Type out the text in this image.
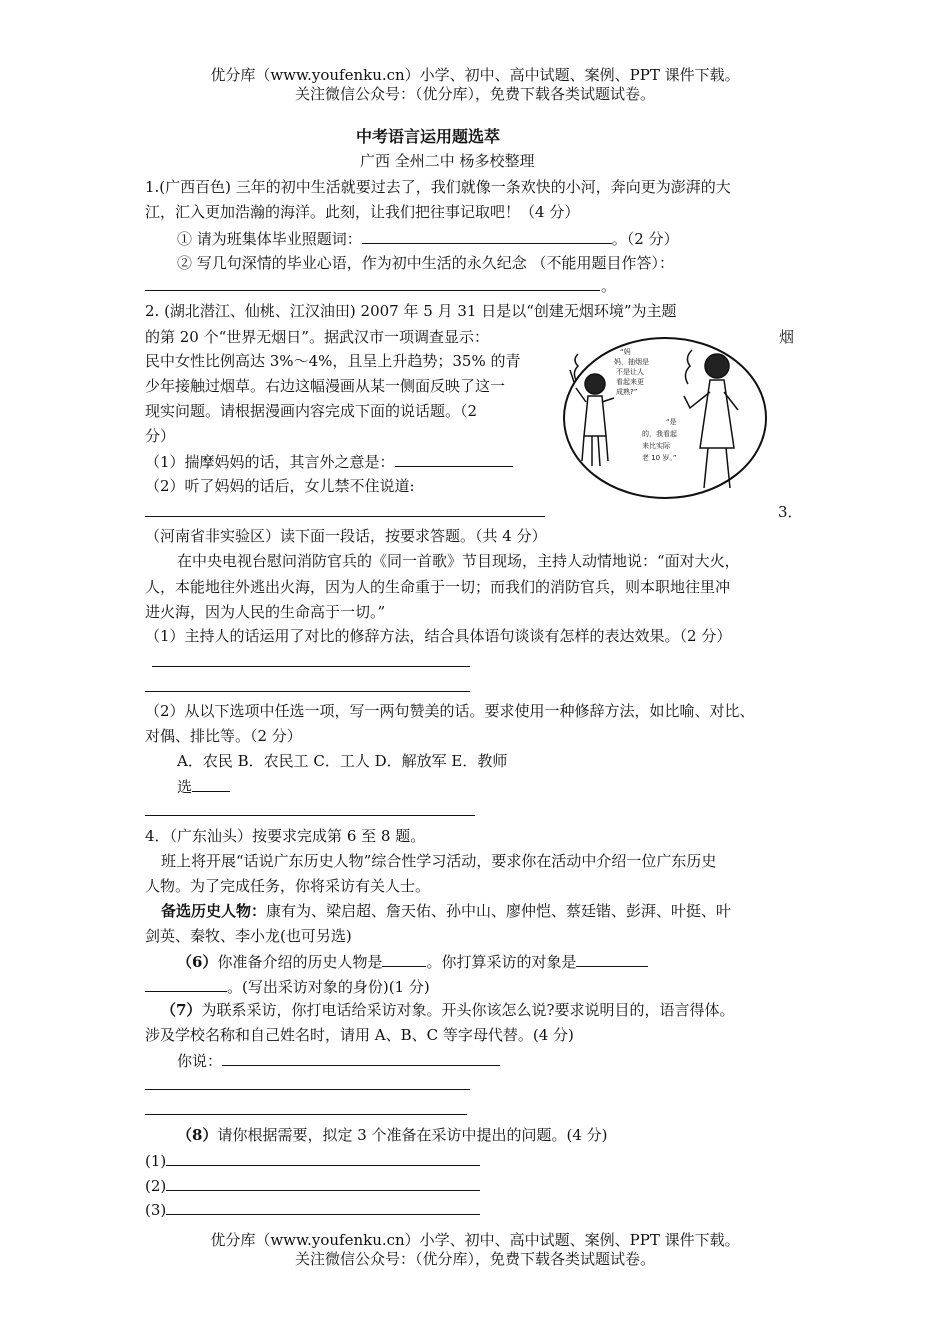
优分库（www.youfenku.cn）小学、初中、高中试题、案例、PPT 课件下载。
关注微信公众号：（优分库），免费下载各类试题试卷。
中考语言运用题选萃
广西 全州二中 杨多校整理
1.(广西百色) 三年的初中生活就要过去了，我们就像一条欢快的小河，奔向更为澎湃的大
江，汇入更加浩瀚的海洋。此刻，让我们把往事记取吧！（4 分）
① 请为班集体毕业照题词：	。（2 分）
② 写几句深情的毕业心语，作为初中生活的永久纪念 （不能用题目作答）：
。
2. (湖北潜江、仙桃、江汉油田) 2007 年 5 月 31 日是以“创建无烟环境”为主题
的第 20 个“世界无烟日”。据武汉市一项调查显示：	烟
民中女性比例高达 3%～4%，且呈上升趋势；35% 的青
少年接触过烟草。右边这幅漫画从某一侧面反映了这一
现实问题。请根据漫画内容完成下面的说话题。（2
分）
（1）揣摩妈妈的话，其言外之意是：
（2）听了妈妈的话后，女儿禁不住说道:
“妈
妈，抽烟是
不是让人
看起来更
成熟?”
“是
的，我看起
来比实际
老 10 岁。”
3．
（河南省非实验区）读下面一段话，按要求答题。（共 4 分）
在中央电视台慰问消防官兵的《同一首歌》节目现场，主持人动情地说：“面对大火，
人，本能地往外逃出火海，因为人的生命重于一切；而我们的消防官兵，则本职地往里冲
进火海，因为人民的生命高于一切。”
（1）主持人的话运用了对比的修辞方法，结合具体语句谈谈有怎样的表达效果。（2 分）
（2）从以下选项中任选一项，写一两句赞美的话。要求使用一种修辞方法，如比喻、对比、
对偶、排比等。（2 分）
A．农民 B．农民工 C．工人 D．解放军 E．教师
选
4．（广东汕头）按要求完成第 6 至 8 题。
班上将开展“话说广东历史人物”综合性学习活动，要求你在活动中介绍一位广东历史
人物。为了完成任务，你将采访有关人士。
备选历史人物：康有为、梁启超、詹天佑、孙中山、廖仲恺、蔡廷锴、彭湃、叶挺、叶
剑英、秦牧、李小龙(也可另选)
（6）你准备介绍的历史人物是	。你打算采访的对象是
。(写出采访对象的身份)(1 分)
（7）为联系采访，你打电话给采访对象。开头你该怎么说?要求说明目的，语言得体。
涉及学校名称和自己姓名时，请用 A、B、C 等字母代替。(4 分)
你说：
（8）请你根据需要，拟定 3 个准备在采访中提出的问题。(4 分)
(1)
(2)
(3)
优分库（www.youfenku.cn）小学、初中、高中试题、案例、PPT 课件下载。
关注微信公众号：（优分库），免费下载各类试题试卷。
